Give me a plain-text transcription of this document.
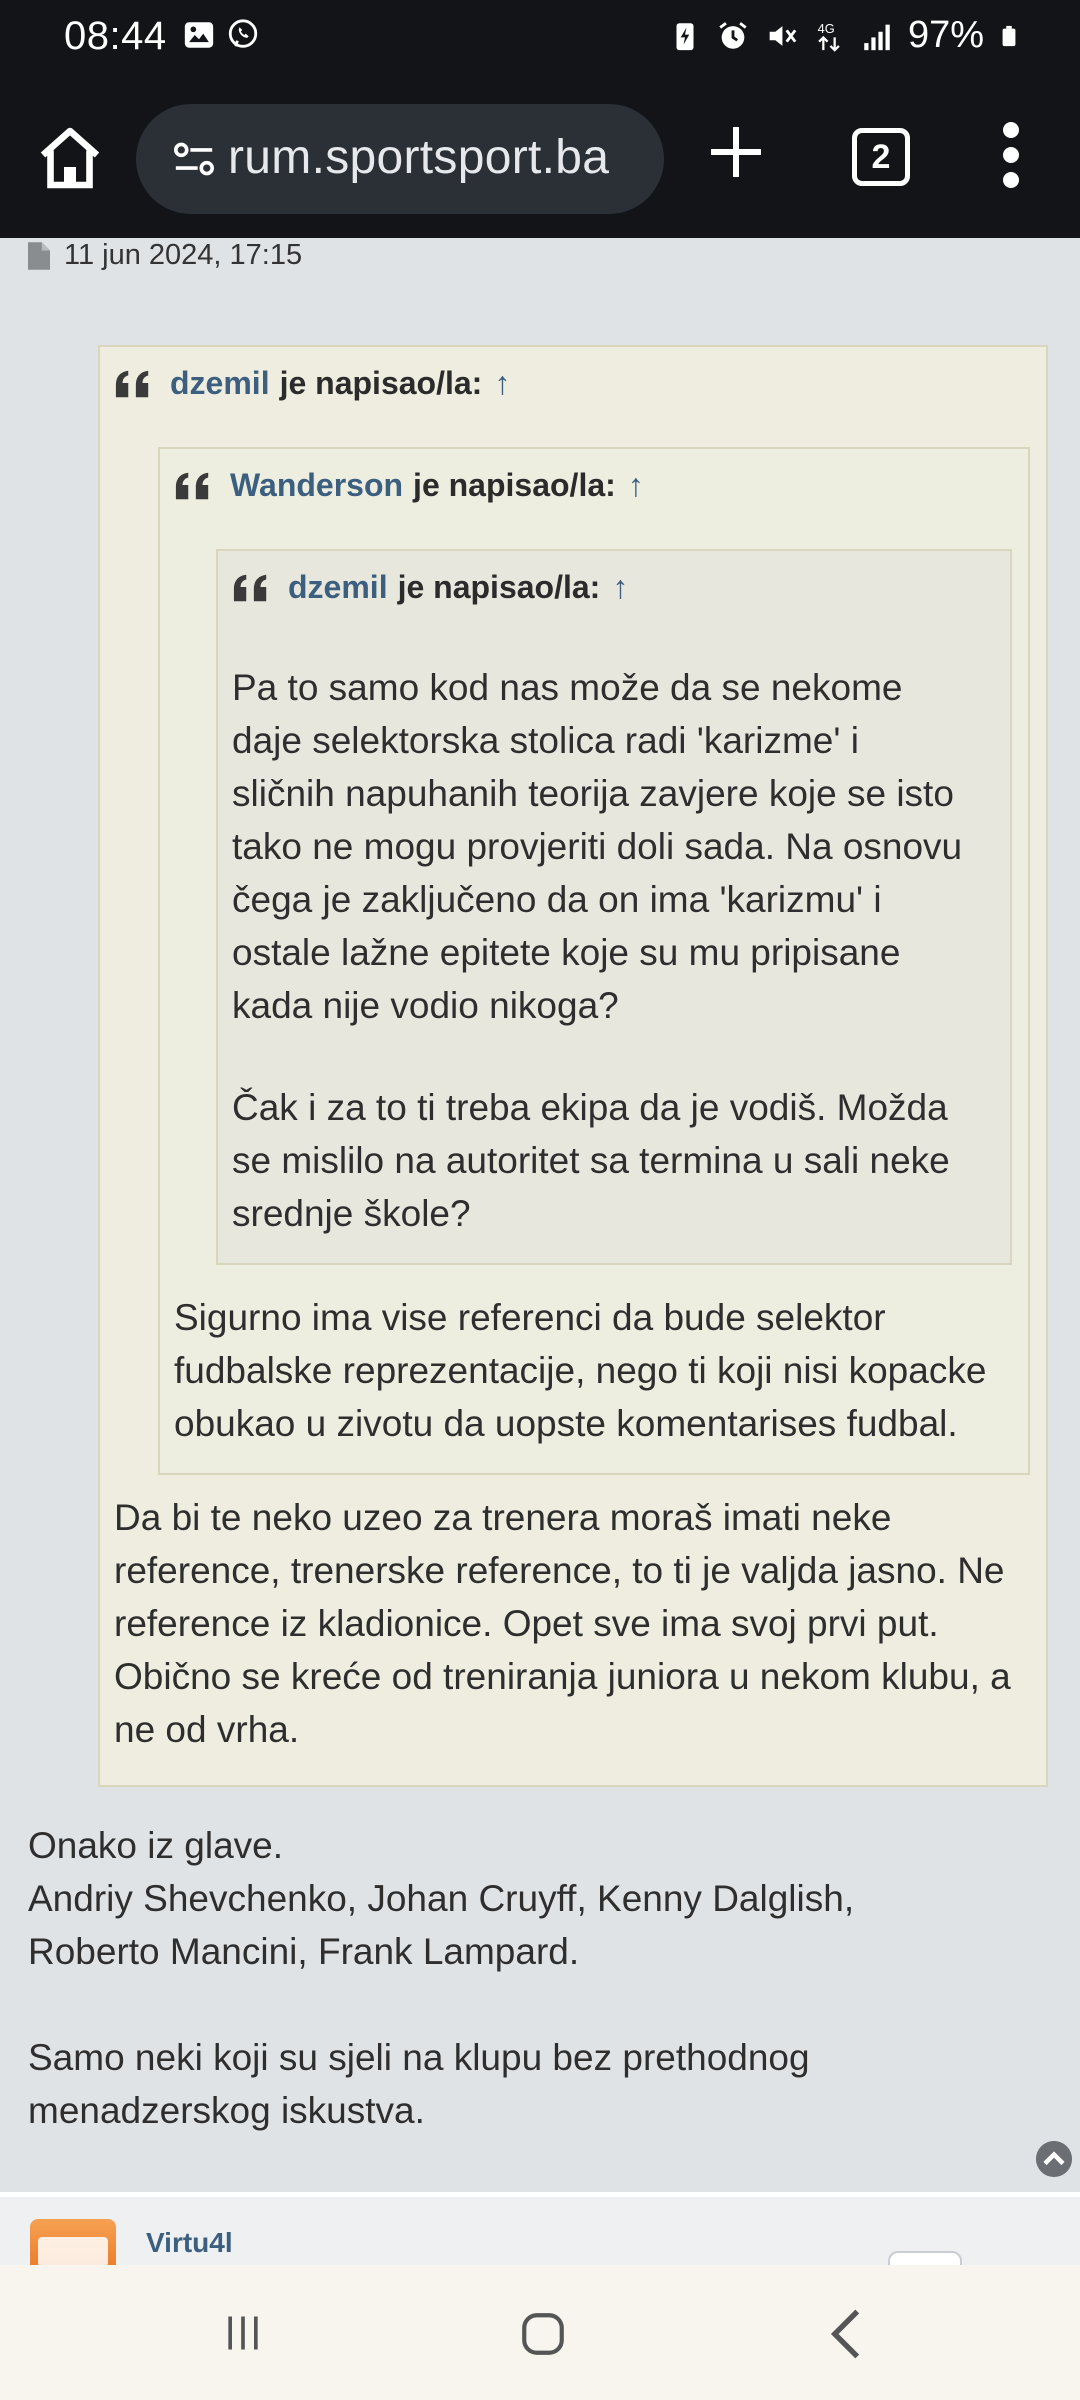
08:44	4G 97%
rum.sportsport.ba	2
11 jun 2024, 17:15
dzemil je napisao/la: ↑
Wanderson je napisao/la: ↑
dzemil je napisao/la: ↑
Pa to samo kod nas može da se nekome
daje selektorska stolica radi 'karizme' i
sličnih napuhanih teorija zavjere koje se isto
tako ne mogu provjeriti doli sada. Na osnovu
čega je zaključeno da on ima 'karizmu' i
ostale lažne epitete koje su mu pripisane
kada nije vodio nikoga?
Čak i za to ti treba ekipa da je vodiš. Možda
se mislilo na autoritet sa termina u sali neke
srednje škole?
Sigurno ima vise referenci da bude selektor
fudbalske reprezentacije, nego ti koji nisi kopacke
obukao u zivotu da uopste komentarises fudbal.
Da bi te neko uzeo za trenera moraš imati neke
reference, trenerske reference, to ti je valjda jasno. Ne
reference iz kladionice. Opet sve ima svoj prvi put.
Obično se kreće od treniranja juniora u nekom klubu, a
ne od vrha.
Onako iz glave.
Andriy Shevchenko, Johan Cruyff, Kenny Dalglish,
Roberto Mancini, Frank Lampard.
Samo neki koji su sjeli na klupu bez prethodnog
menadzerskog iskustva.
Virtu4l
